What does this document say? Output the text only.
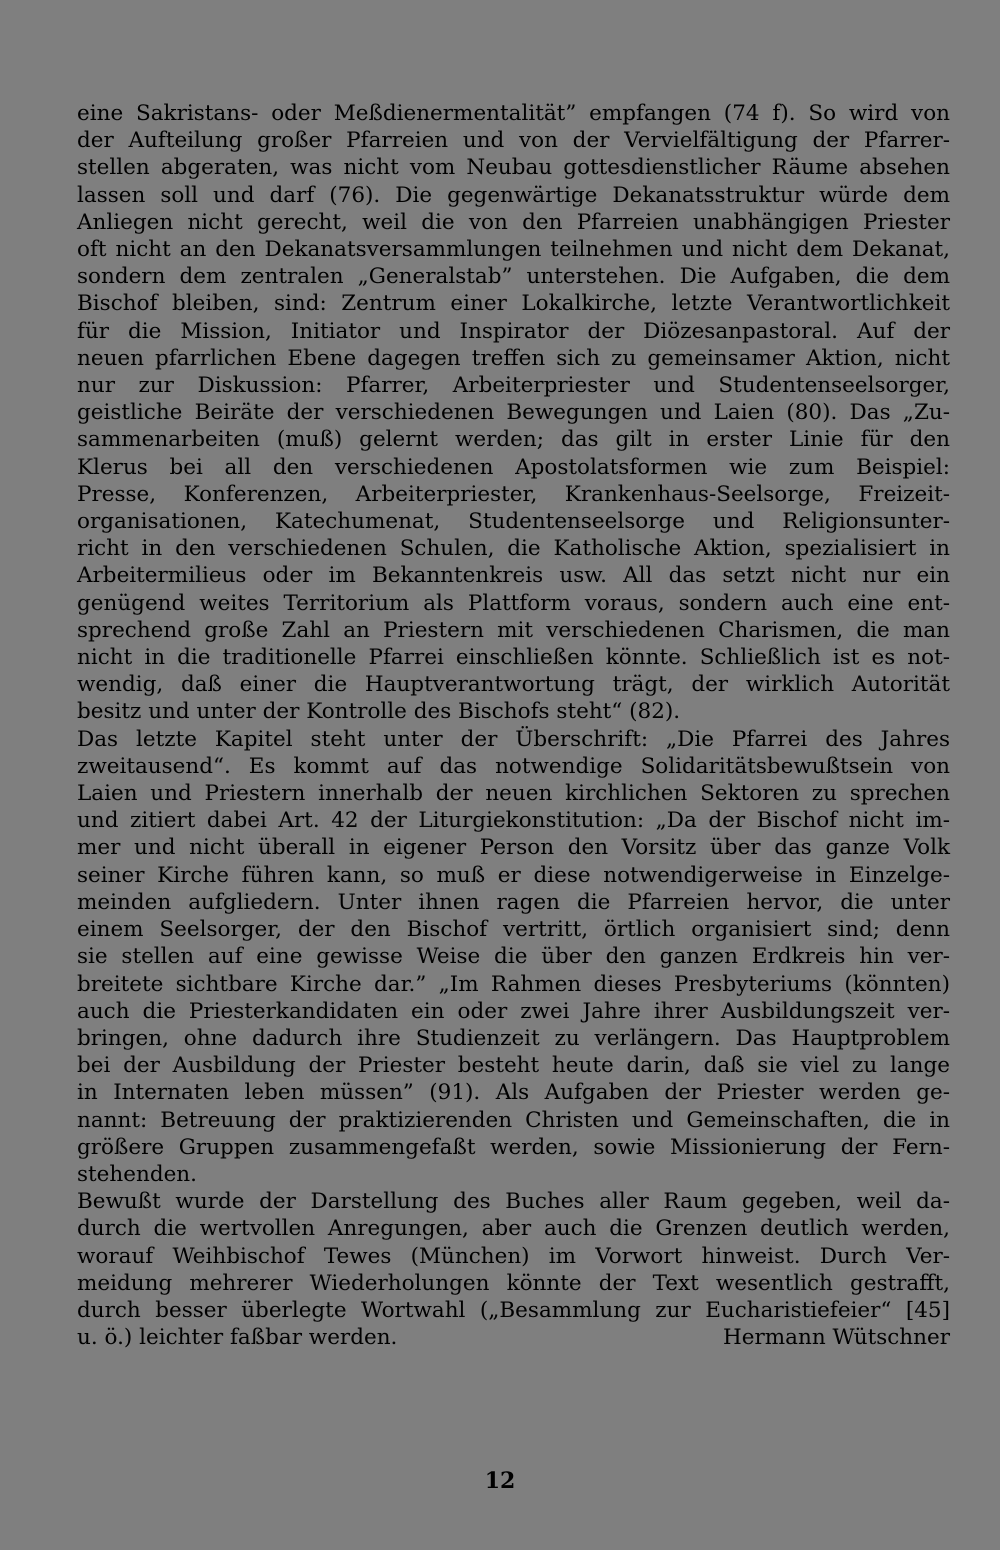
eine Sakristans- oder Meßdienermentalität” empfangen (74 f). So wird von
der Aufteilung großer Pfarreien und von der Vervielfältigung der Pfarrer-
stellen abgeraten, was nicht vom Neubau gottesdienstlicher Räume absehen
lassen soll und darf (76). Die gegenwärtige Dekanatsstruktur würde dem
Anliegen nicht gerecht, weil die von den Pfarreien unabhängigen Priester
oft nicht an den Dekanatsversammlungen teilnehmen und nicht dem Dekanat,
sondern dem zentralen „Generalstab” unterstehen. Die Aufgaben, die dem
Bischof bleiben, sind: Zentrum einer Lokalkirche, letzte Verantwortlichkeit
für die Mission, Initiator und Inspirator der Diözesanpastoral. Auf der
neuen pfarrlichen Ebene dagegen treffen sich zu gemeinsamer Aktion, nicht
nur zur Diskussion: Pfarrer, Arbeiterpriester und Studentenseelsorger,
geistliche Beiräte der verschiedenen Bewegungen und Laien (80). Das „Zu-
sammenarbeiten (muß) gelernt werden; das gilt in erster Linie für den
Klerus bei all den verschiedenen Apostolatsformen wie zum Beispiel:
Presse, Konferenzen, Arbeiterpriester, Krankenhaus-Seelsorge, Freizeit-
organisationen, Katechumenat, Studentenseelsorge und Religionsunter-
richt in den verschiedenen Schulen, die Katholische Aktion, spezialisiert in
Arbeitermilieus oder im Bekanntenkreis usw. All das setzt nicht nur ein
genügend weites Territorium als Plattform voraus, sondern auch eine ent-
sprechend große Zahl an Priestern mit verschiedenen Charismen, die man
nicht in die traditionelle Pfarrei einschließen könnte. Schließlich ist es not-
wendig, daß einer die Hauptverantwortung trägt, der wirklich Autorität
besitz und unter der Kontrolle des Bischofs steht“ (82).
Das letzte Kapitel steht unter der Überschrift: „Die Pfarrei des Jahres
zweitausend“. Es kommt auf das notwendige Solidaritätsbewußtsein von
Laien und Priestern innerhalb der neuen kirchlichen Sektoren zu sprechen
und zitiert dabei Art. 42 der Liturgiekonstitution: „Da der Bischof nicht im-
mer und nicht überall in eigener Person den Vorsitz über das ganze Volk
seiner Kirche führen kann, so muß er diese notwendigerweise in Einzelge-
meinden aufgliedern. Unter ihnen ragen die Pfarreien hervor, die unter
einem Seelsorger, der den Bischof vertritt, örtlich organisiert sind; denn
sie stellen auf eine gewisse Weise die über den ganzen Erdkreis hin ver-
breitete sichtbare Kirche dar.” „Im Rahmen dieses Presbyteriums (könnten)
auch die Priesterkandidaten ein oder zwei Jahre ihrer Ausbildungszeit ver-
bringen, ohne dadurch ihre Studienzeit zu verlängern. Das Hauptproblem
bei der Ausbildung der Priester besteht heute darin, daß sie viel zu lange
in Internaten leben müssen” (91). Als Aufgaben der Priester werden ge-
nannt: Betreuung der praktizierenden Christen und Gemeinschaften, die in
größere Gruppen zusammengefaßt werden, sowie Missionierung der Fern-
stehenden.
Bewußt wurde der Darstellung des Buches aller Raum gegeben, weil da-
durch die wertvollen Anregungen, aber auch die Grenzen deutlich werden,
worauf Weihbischof Tewes (München) im Vorwort hinweist. Durch Ver-
meidung mehrerer Wiederholungen könnte der Text wesentlich gestrafft,
durch besser überlegte Wortwahl („Besammlung zur Eucharistiefeier“ [45]
u. ö.) leichter faßbar werden.	Hermann Wütschner
12
